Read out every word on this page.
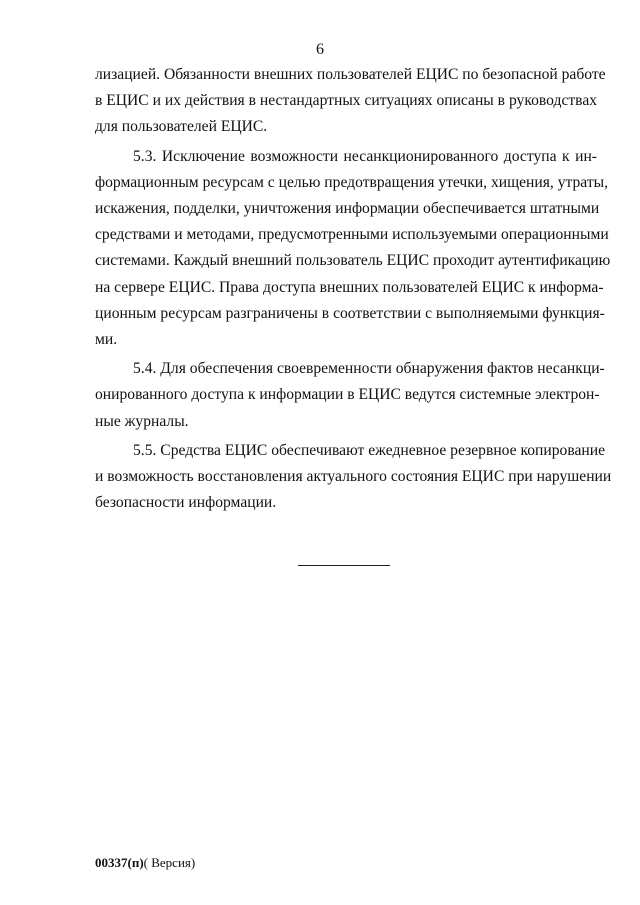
6

лизацией. Обязанности внешних пользователей ЕЦИС по безопасной работе
в ЕЦИС и их действия в нестандартных ситуациях описаны в руководствах
для пользователей ЕЦИС.

5.3. Исключение возможности несанкционированного доступа к ин-
формационным ресурсам с целью предотвращения утечки, хищения, утраты,
искажения, подделки, уничтожения информации обеспечивается штатными
средствами и методами, предусмотренными используемыми операционными
системами. Каждый внешний пользователь ЕЦИС проходит аутентификацию
на сервере ЕЦИС. Права доступа внешних пользователей ЕЦИС к информа-
ционным ресурсам разграничены в соответствии с выполняемыми функция-
ми.

5.4. Для обеспечения своевременности обнаружения фактов несанкци-
онированного доступа к информации в ЕЦИС ведутся системные электрон-
ные журналы.

5.5. Средства ЕЦИС обеспечивают ежедневное резервное копирование
и возможность восстановления актуального состояния ЕЦИС при нарушении
безопасности информации.

00337(п)( Версия)
